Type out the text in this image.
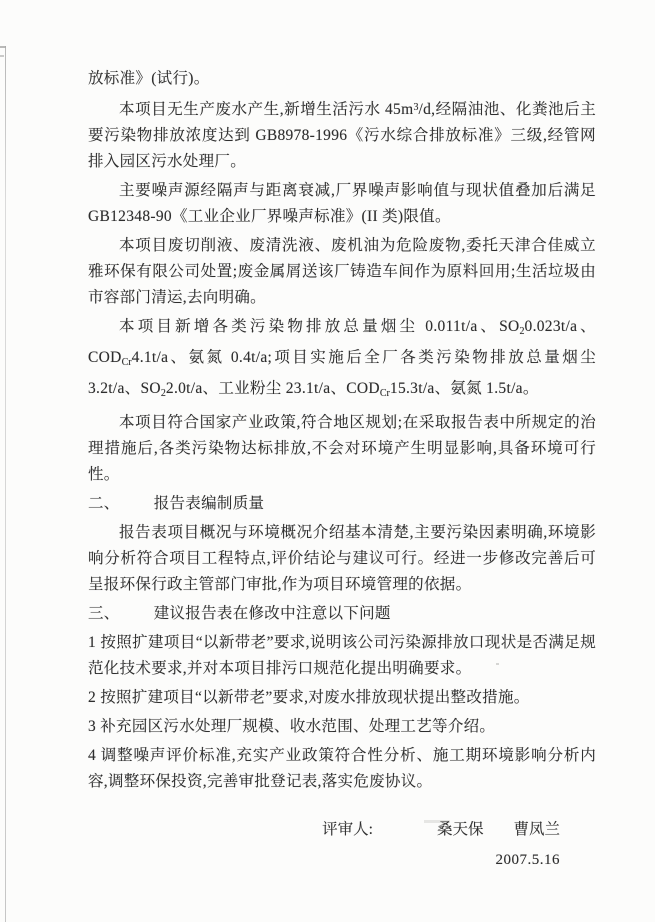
放标准》(试行)。

本项目无生产废水产生,新增生活污水 $45m^3/d$,经隔油池、化粪池后主要污染物排放浓度达到 GB8978-1996《污水综合排放标准》三级,经管网排入园区污水处理厂。

主要噪声源经隔声与距离衰减,厂界噪声影响值与现状值叠加后满足GB12348-90《工业企业厂界噪声标准》(II 类)限值。

本项目废切削液、废清洗液、废机油为危险废物,委托天津合佳威立雅环保有限公司处置;废金属屑送该厂铸造车间作为原料回用;生活垃圾由市容部门清运,去向明确。

本项目新增各类污染物排放总量烟尘 0.011t/a、SO20.023t/a、CODCr4.1t/a、氨氮 0.4t/a;项目实施后全厂各类污染物排放总量烟尘 3.2t/a、SO22.0t/a、工业粉尘 23.1t/a、CODCr15.3t/a、氨氮 1.5t/a。

本项目符合国家产业政策,符合地区规划;在采取报告表中所规定的治理措施后,各类污染物达标排放,不会对环境产生明显影响,具备环境可行性。

二、 报告表编制质量

报告表项目概况与环境概况介绍基本清楚,主要污染因素明确,环境影响分析符合项目工程特点,评价结论与建议可行。经进一步修改完善后可呈报环保行政主管部门审批,作为项目环境管理的依据。

三、 建议报告表在修改中注意以下问题

1 按照扩建项目“以新带老”要求,说明该公司污染源排放口现状是否满足规范化技术要求,并对本项目排污口规范化提出明确要求。

2 按照扩建项目“以新带老”要求,对废水排放现状提出整改措施。

3 补充园区污水处理厂规模、收水范围、处理工艺等介绍。

4 调整噪声评价标准,充实产业政策符合性分析、施工期环境影响分析内容,调整环保投资,完善审批登记表,落实危废协议。

评审人:	桑天保 曹凤兰
2007.5.16
